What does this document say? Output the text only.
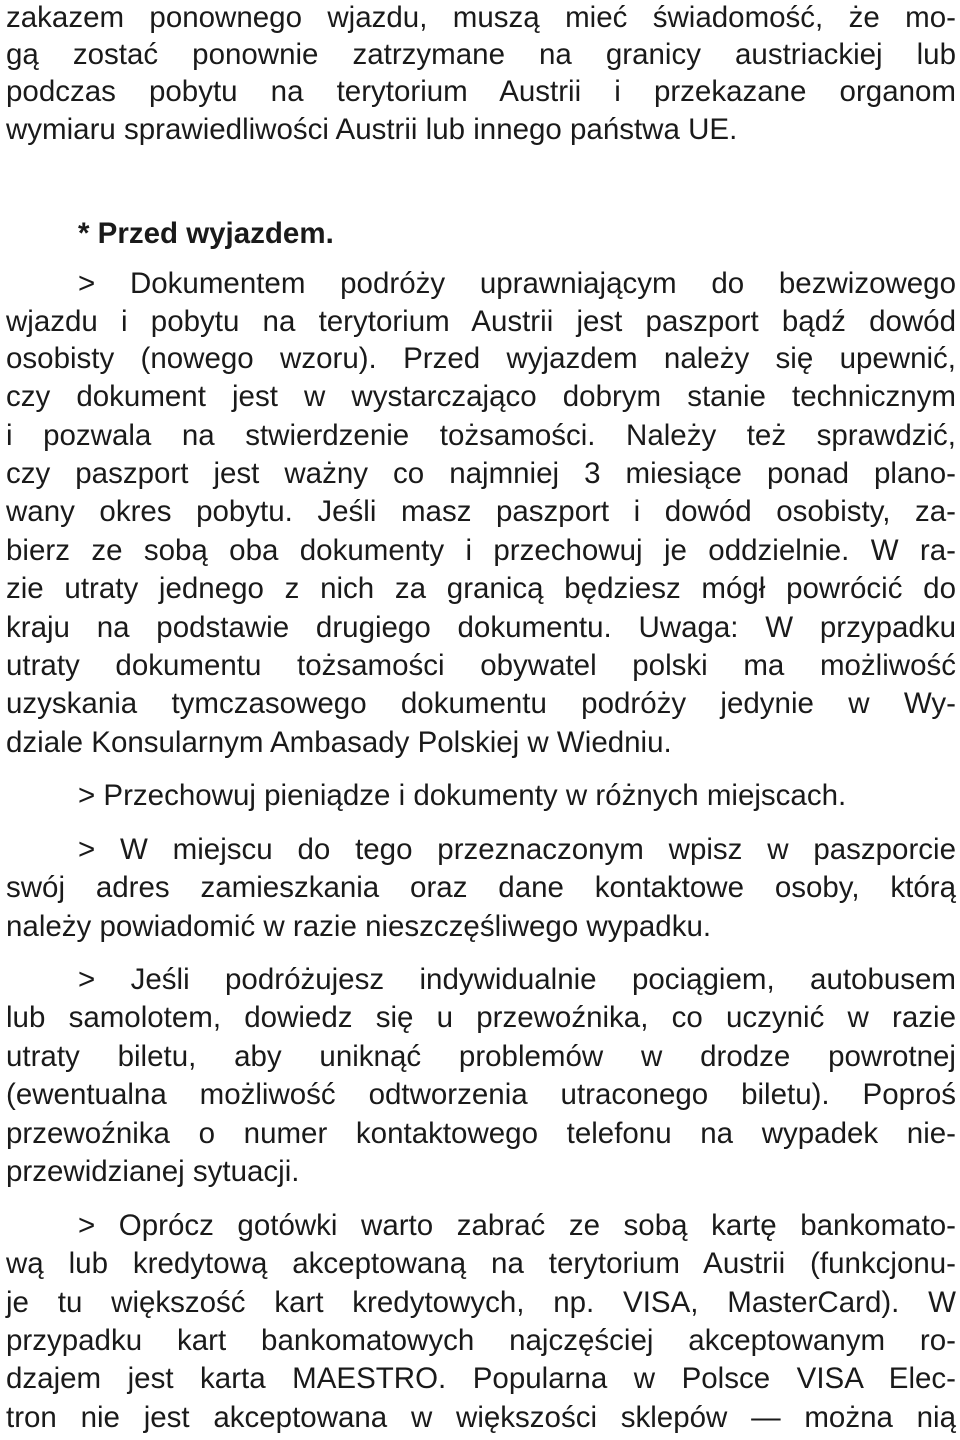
zakazem ponownego wjazdu, muszą mieć świadomość, że mo-
gą zostać ponownie zatrzymane na granicy austriackiej lub
podczas pobytu na terytorium Austrii i przekazane organom
wymiaru sprawiedliwości Austrii lub innego państwa UE.
* Przed wyjazdem.
> Dokumentem podróży uprawniającym do bezwizowego
wjazdu i pobytu na terytorium Austrii jest paszport bądź dowód
osobisty (nowego wzoru). Przed wyjazdem należy się upewnić,
czy dokument jest w wystarczająco dobrym stanie technicznym
i pozwala na stwierdzenie tożsamości. Należy też sprawdzić,
czy paszport jest ważny co najmniej 3 miesiące ponad plano-
wany okres pobytu. Jeśli masz paszport i dowód osobisty, za-
bierz ze sobą oba dokumenty i przechowuj je oddzielnie. W ra-
zie utraty jednego z nich za granicą będziesz mógł powrócić do
kraju na podstawie drugiego dokumentu. Uwaga: W przypadku
utraty dokumentu tożsamości obywatel polski ma możliwość
uzyskania tymczasowego dokumentu podróży jedynie w Wy-
dziale Konsularnym Ambasady Polskiej w Wiedniu.
> Przechowuj pieniądze i dokumenty w różnych miejscach.
> W miejscu do tego przeznaczonym wpisz w paszporcie
swój adres zamieszkania oraz dane kontaktowe osoby, którą
należy powiadomić w razie nieszczęśliwego wypadku.
> Jeśli podróżujesz indywidualnie pociągiem, autobusem
lub samolotem, dowiedz się u przewoźnika, co uczynić w razie
utraty biletu, aby uniknąć problemów w drodze powrotnej
(ewentualna możliwość odtworzenia utraconego biletu). Poproś
przewoźnika o numer kontaktowego telefonu na wypadek nie-
przewidzianej sytuacji.
> Oprócz gotówki warto zabrać ze sobą kartę bankomato-
wą lub kredytową akceptowaną na terytorium Austrii (funkcjonu-
je tu większość kart kredytowych, np. VISA, MasterCard). W
przypadku kart bankomatowych najczęściej akceptowanym ro-
dzajem jest karta MAESTRO. Popularna w Polsce VISA Elec-
tron nie jest akceptowana w większości sklepów — można nią
